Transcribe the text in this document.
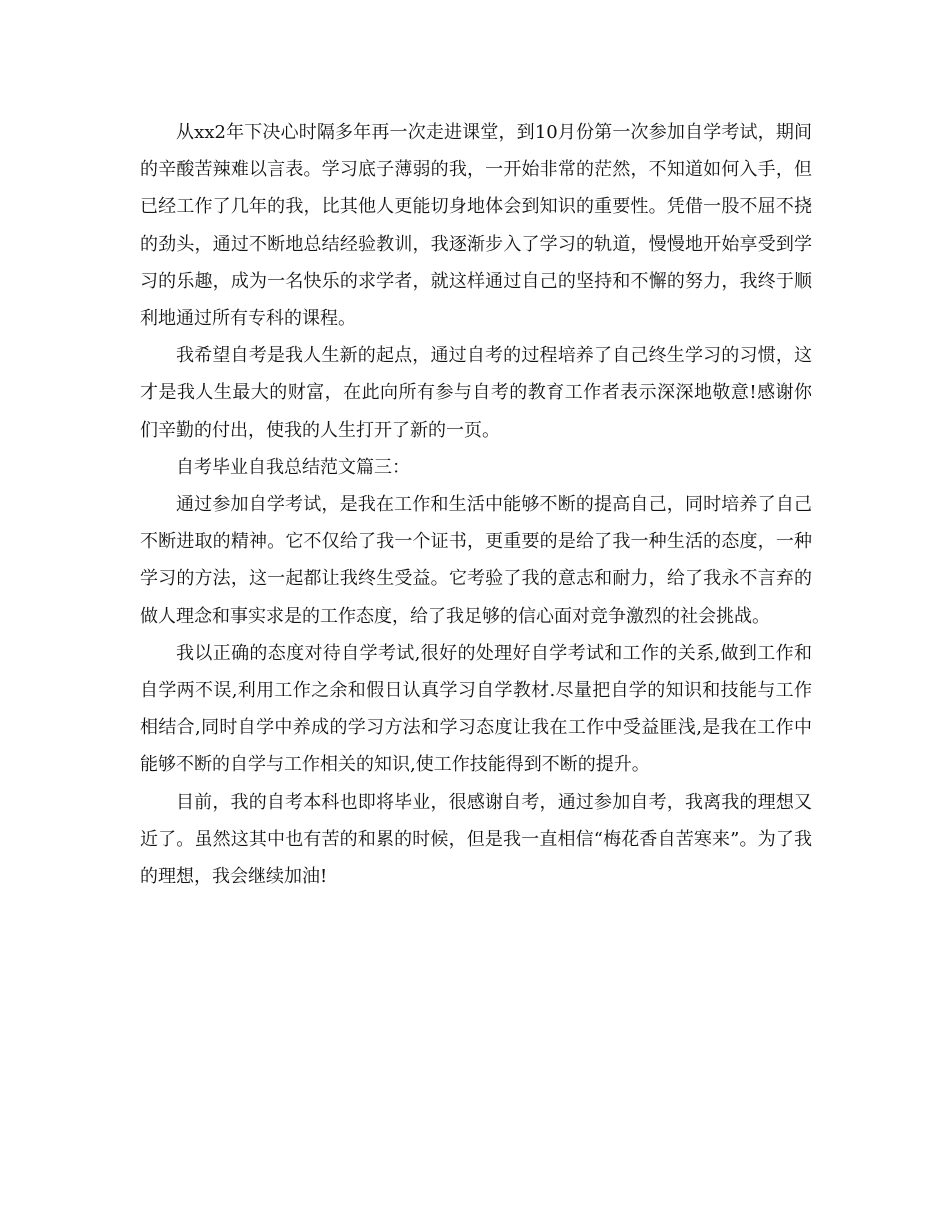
从xx2年下决心时隔多年再一次走进课堂，到10月份第一次参加自学考试，期间的辛酸苦辣难以言表。学习底子薄弱的我，一开始非常的茫然，不知道如何入手，但已经工作了几年的我，比其他人更能切身地体会到知识的重要性。凭借一股不屈不挠的劲头，通过不断地总结经验教训，我逐渐步入了学习的轨道，慢慢地开始享受到学习的乐趣，成为一名快乐的求学者，就这样通过自己的坚持和不懈的努力，我终于顺利地通过所有专科的课程。

我希望自考是我人生新的起点，通过自考的过程培养了自己终生学习的习惯，这才是我人生最大的财富，在此向所有参与自考的教育工作者表示深深地敬意!感谢你们辛勤的付出，使我的人生打开了新的一页。

自考毕业自我总结范文篇三：

通过参加自学考试，是我在工作和生活中能够不断的提高自己，同时培养了自己不断进取的精神。它不仅给了我一个证书，更重要的是给了我一种生活的态度，一种学习的方法，这一起都让我终生受益。它考验了我的意志和耐力，给了我永不言弃的做人理念和事实求是的工作态度，给了我足够的信心面对竞争激烈的社会挑战。

我以正确的态度对待自学考试,很好的处理好自学考试和工作的关系,做到工作和自学两不误,利用工作之余和假日认真学习自学教材.尽量把自学的知识和技能与工作相结合,同时自学中养成的学习方法和学习态度让我在工作中受益匪浅,是我在工作中能够不断的自学与工作相关的知识,使工作技能得到不断的提升。

目前，我的自考本科也即将毕业，很感谢自考，通过参加自考，我离我的理想又近了。虽然这其中也有苦的和累的时候，但是我一直相信“梅花香自苦寒来”。为了我的理想，我会继续加油!
